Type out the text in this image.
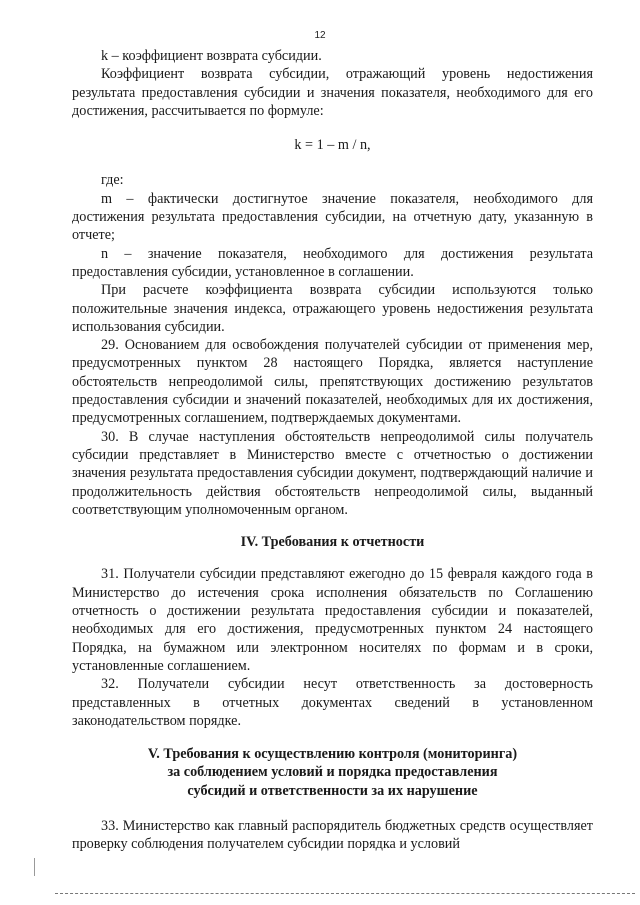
12

k – коэффициент возврата субсидии.

Коэффициент возврата субсидии, отражающий уровень недостижения результата предоставления субсидии и значения показателя, необходимого для его достижения, рассчитывается по формуле:

k = 1 – m / n,

где:

m – фактически достигнутое значение показателя, необходимого для достижения результата предоставления субсидии, на отчетную дату, указанную в отчете;

n – значение показателя, необходимого для достижения результата предоставления субсидии, установленное в соглашении.

При расчете коэффициента возврата субсидии используются только положительные значения индекса, отражающего уровень недостижения результата использования субсидии.

29. Основанием для освобождения получателей субсидии от применения мер, предусмотренных пунктом 28 настоящего Порядка, является наступление обстоятельств непреодолимой силы, препятствующих достижению результатов предоставления субсидии и значений показателей, необходимых для их достижения, предусмотренных соглашением, подтверждаемых документами.

30. В случае наступления обстоятельств непреодолимой силы получатель субсидии представляет в Министерство вместе с отчетностью о достижении значения результата предоставления субсидии документ, подтверждающий наличие и продолжительность действия обстоятельств непреодолимой силы, выданный соответствующим уполномоченным органом.

IV. Требования к отчетности

31. Получатели субсидии представляют ежегодно до 15 февраля каждого года в Министерство до истечения срока исполнения обязательств по Соглашению отчетность о достижении результата предоставления субсидии и показателей, необходимых для его достижения, предусмотренных пунктом 24 настоящего Порядка, на бумажном или электронном носителях по формам и в сроки, установленные соглашением.

32. Получатели субсидии несут ответственность за достоверность представленных в отчетных документах сведений в установленном законодательством порядке.

V. Требования к осуществлению контроля (мониторинга)
за соблюдением условий и порядка предоставления
субсидий и ответственности за их нарушение

33. Министерство как главный распорядитель бюджетных средств осуществляет проверку соблюдения получателем субсидии порядка и условий
